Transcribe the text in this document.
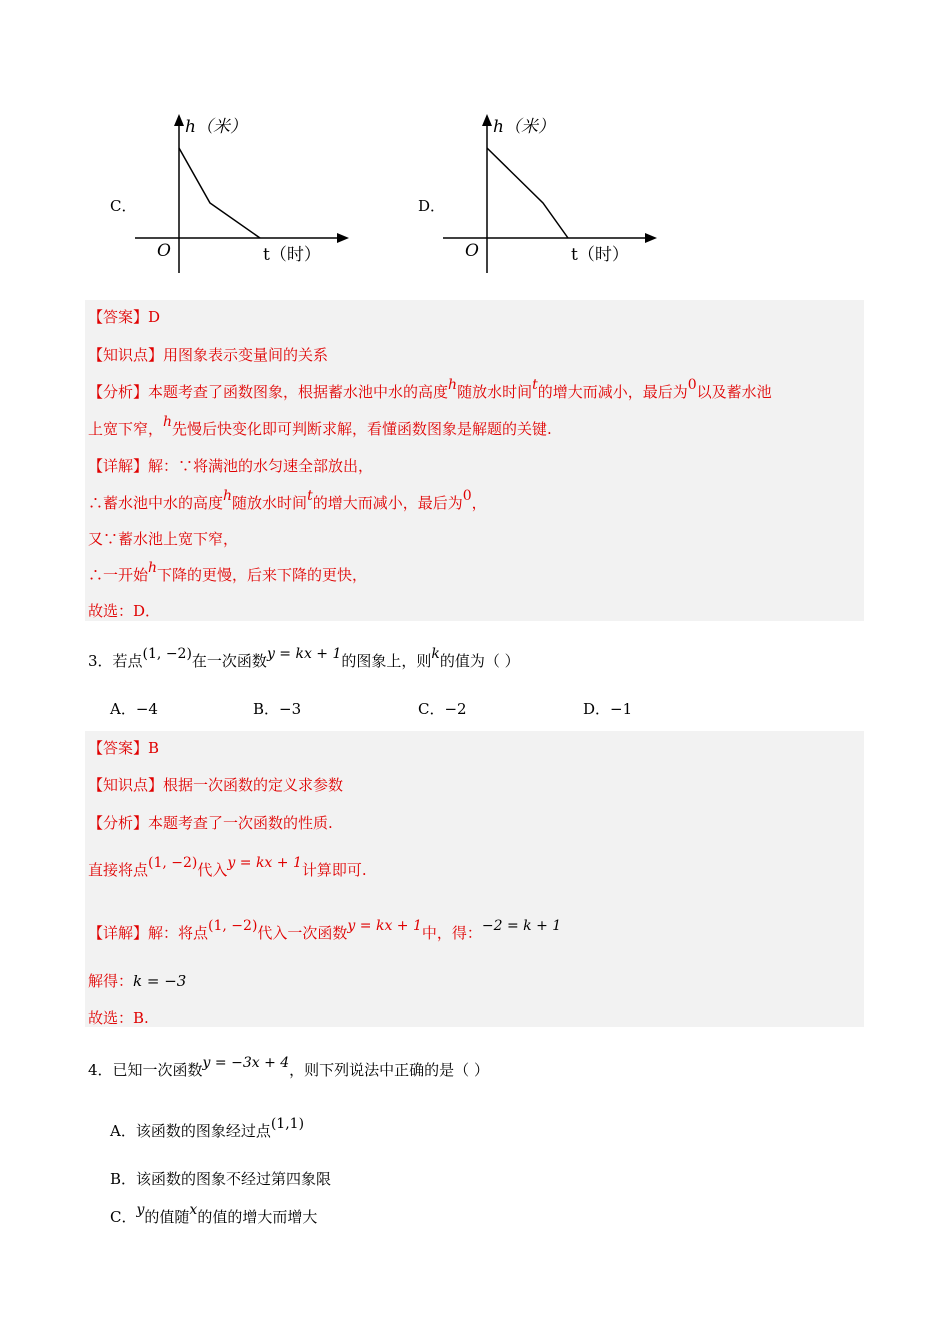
C．
h（米）
O	t（时）
D．
h（米）
O	t（时）
【答案】D
【知识点】用图象表示变量间的关系
【分析】本题考查了函数图象，根据蓄水池中水的高度h随放水时间t的增大而减小，最后为0以及蓄水池
上宽下窄，h先慢后快变化即可判断求解，看懂函数图象是解题的关键.
【详解】解：∵将满池的水匀速全部放出，
∴蓄水池中水的高度h随放水时间t的增大而减小，最后为0，
又∵蓄水池上宽下窄，
∴一开始h下降的更慢，后来下降的更快，
故选：D．
3．若点(1, −2)在一次函数y = kx + 1的图象上，则k的值为（ ）
A．−4	B．−3	C．−2	D．−1
【答案】B
【知识点】根据一次函数的定义求参数
【分析】本题考查了一次函数的性质.
直接将点(1, −2)代入y = kx + 1计算即可.
【详解】解：将点(1, −2)代入一次函数y = kx + 1中，得：−2 = k + 1
解得：k = −3
故选：B.
4．已知一次函数y = −3x + 4，则下列说法中正确的是（ ）
A．该函数的图象经过点(1,1)
B．该函数的图象不经过第四象限
C．y的值随x的值的增大而增大
